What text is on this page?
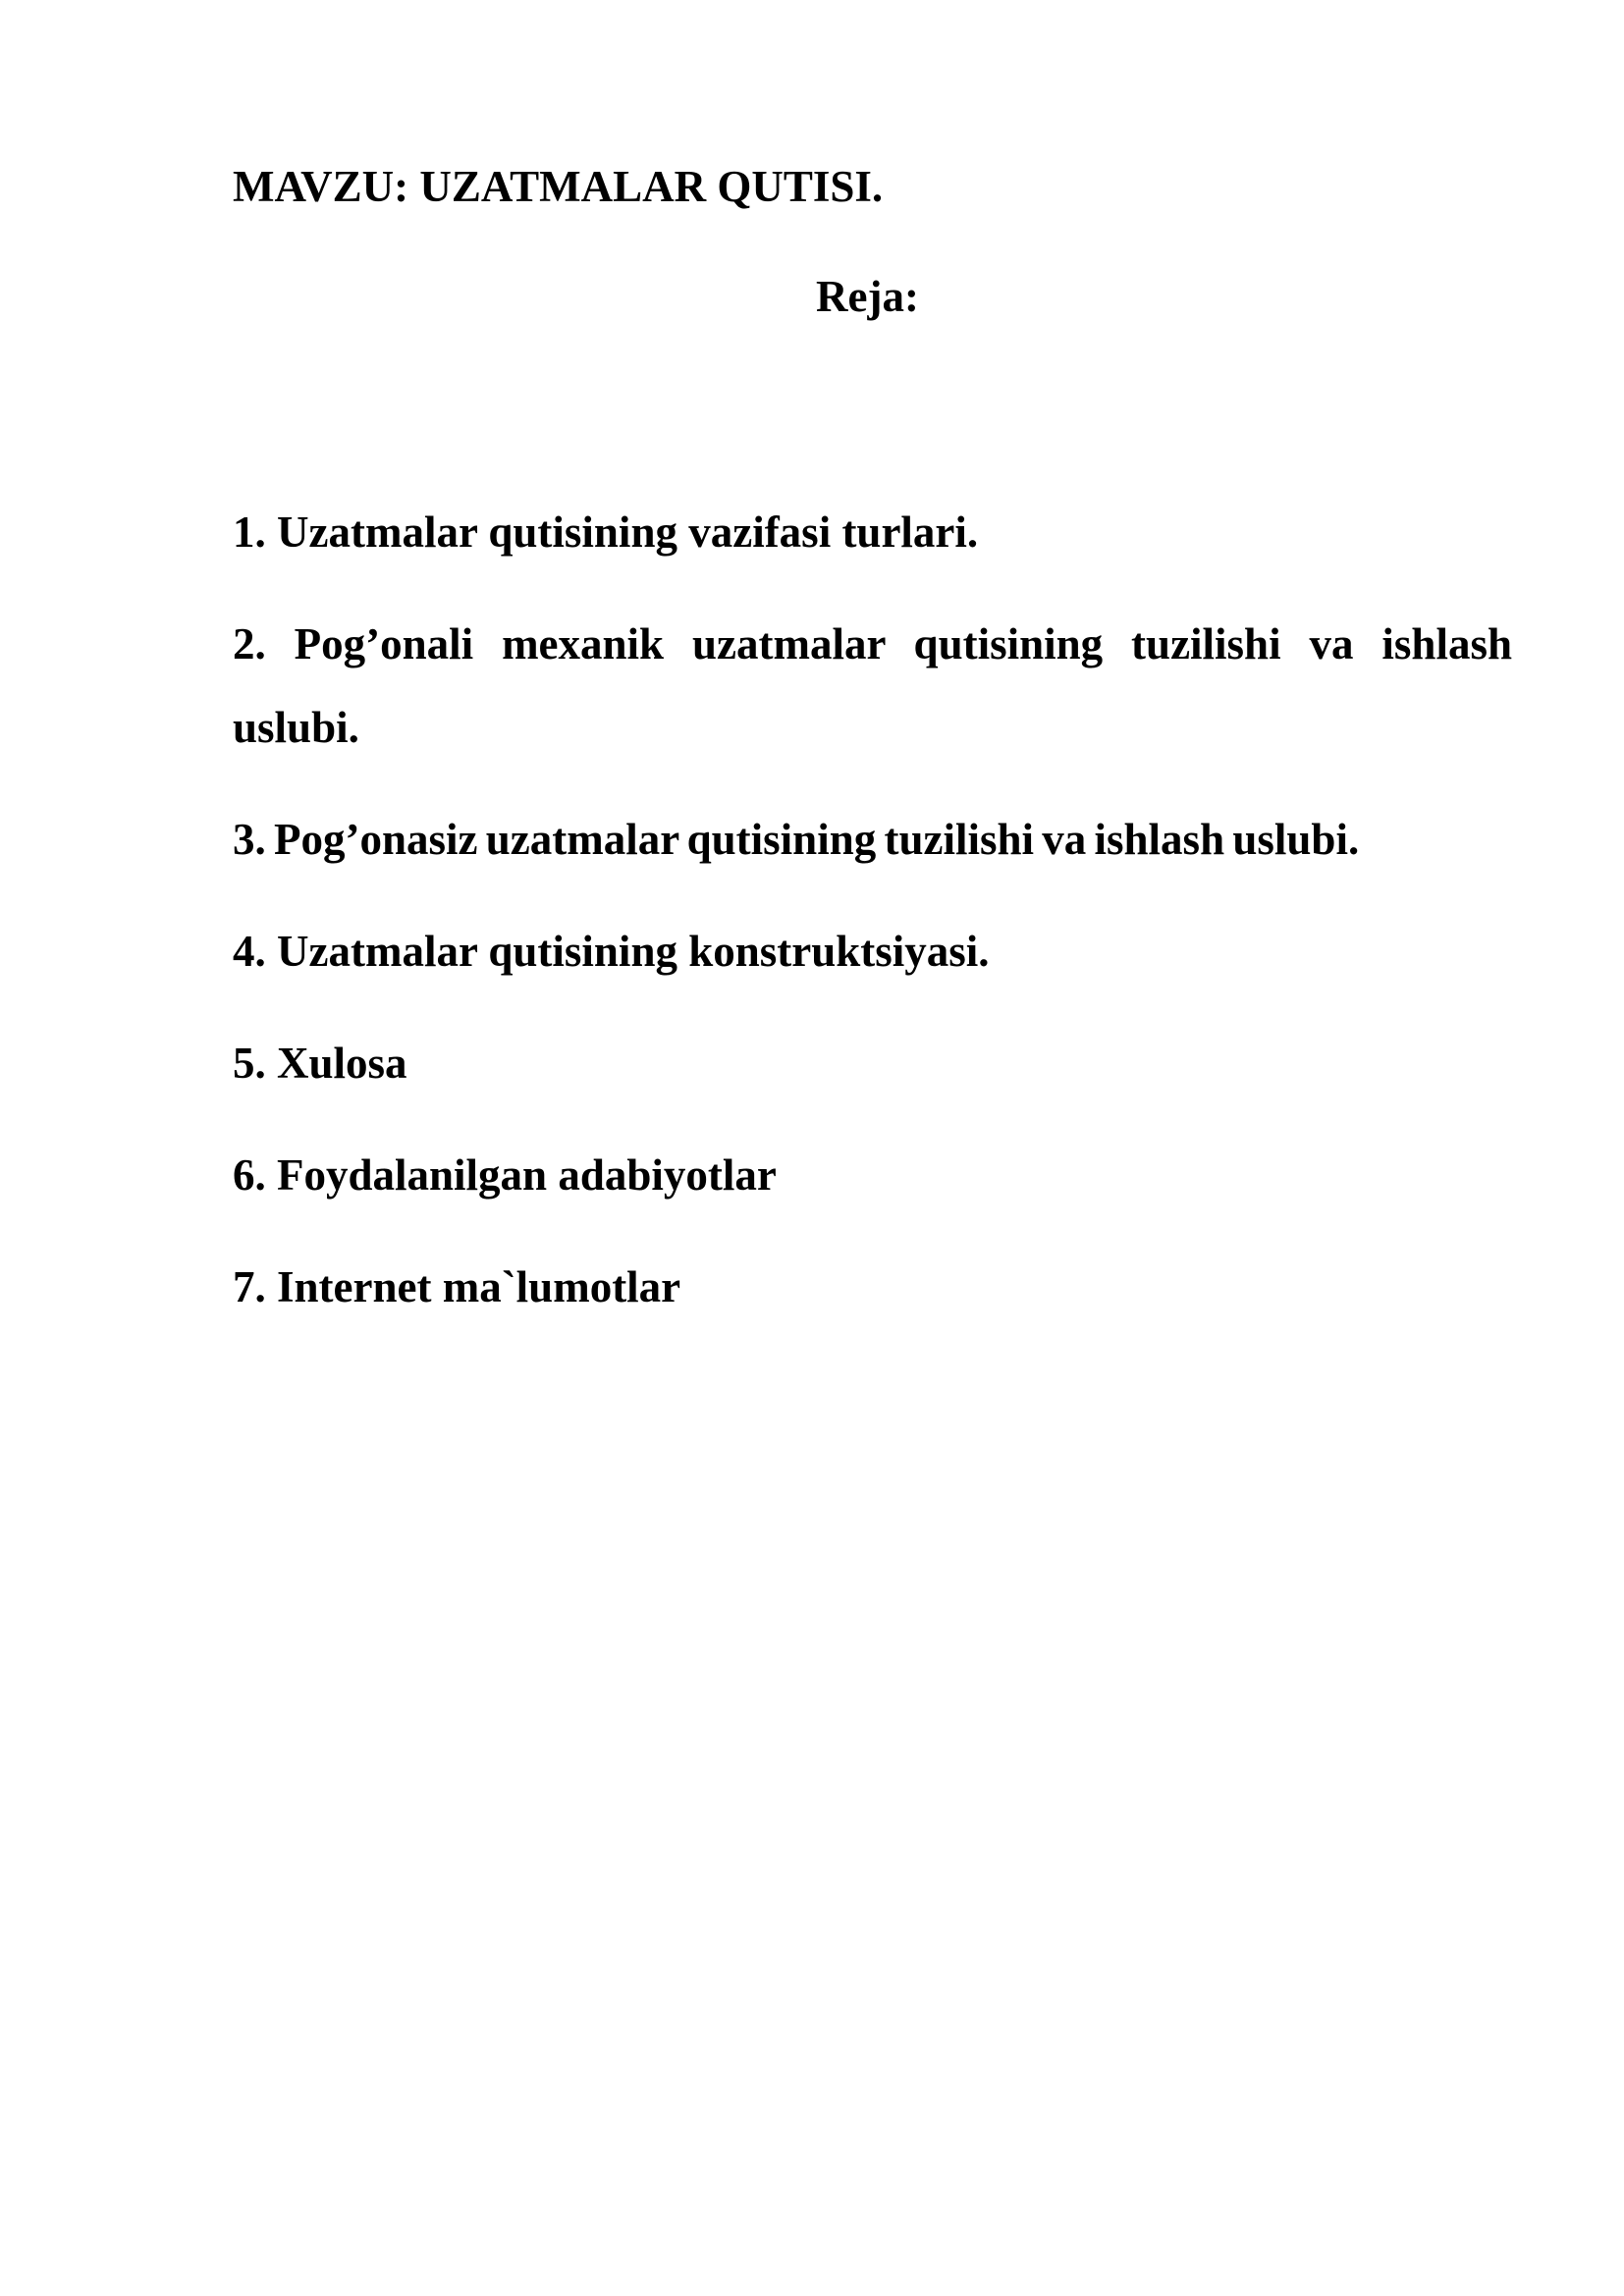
MAVZU: UZATMALAR QUTISI.
Reja:
1. Uzatmalar qutisining vazifasi turlari.
2. Pog’onali mexanik uzatmalar qutisining tuzilishi va ishlash uslubi.
3. Pog’onasiz uzatmalar qutisining tuzilishi va ishlash uslubi.
4. Uzatmalar qutisining konstruktsiyasi.
5. Xulosa
6. Foydalanilgan adabiyotlar
7. Internet ma`lumotlar
